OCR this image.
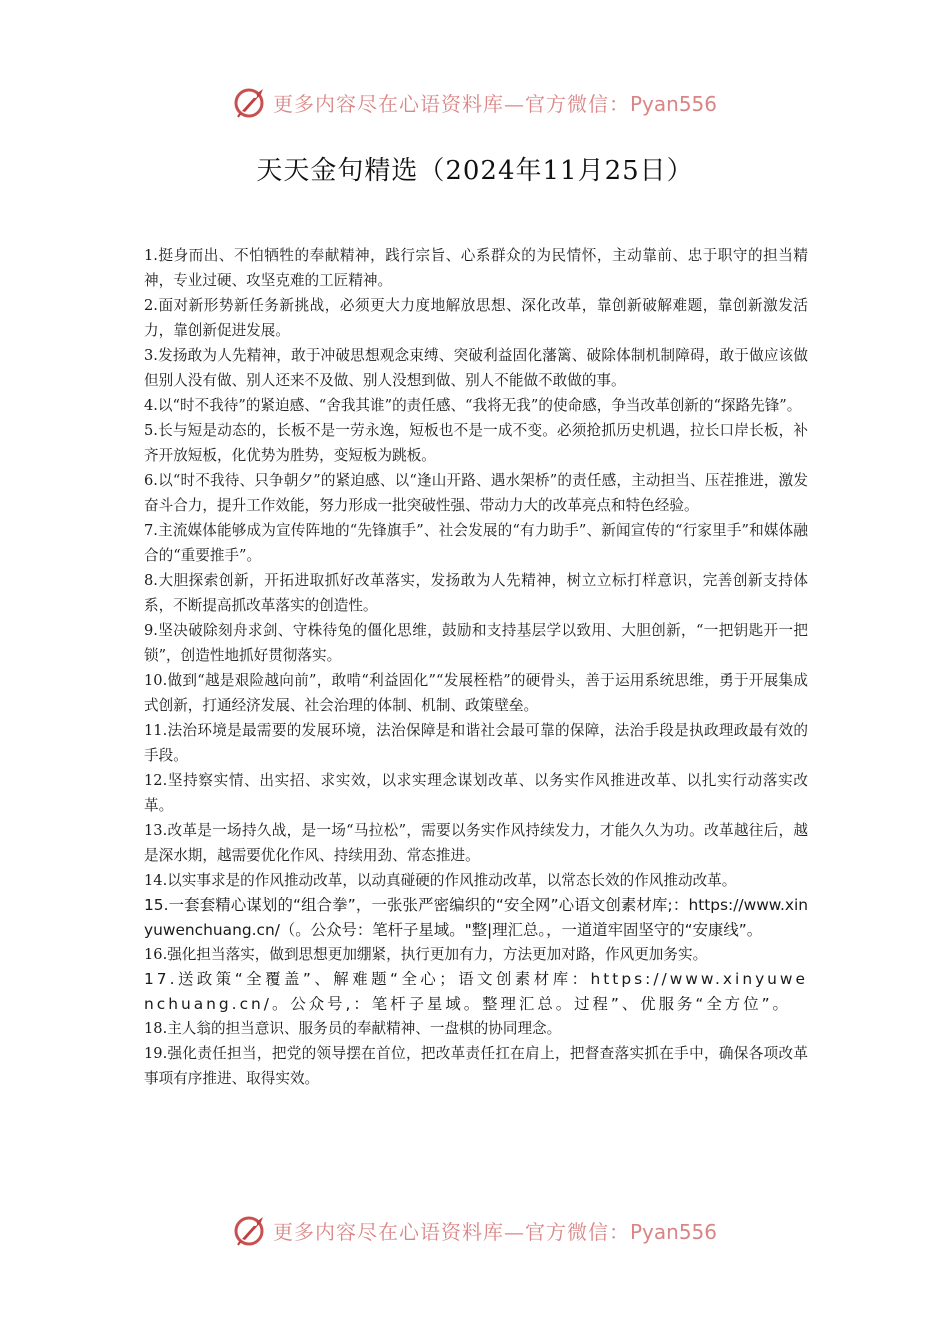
更多内容尽在心语资料库—官方微信：Pyan556
天天金句精选（2024年11月25日）

1.挺身而出、不怕牺牲的奉献精神，践行宗旨、心系群众的为民情怀，主动靠前、忠于职守的担当精神，专业过硬、攻坚克难的工匠精神。

2.面对新形势新任务新挑战，必须更大力度地解放思想、深化改革，靠创新破解难题，靠创新激发活力，靠创新促进发展。

3.发扬敢为人先精神，敢于冲破思想观念束缚、突破利益固化藩篱、破除体制机制障碍，敢于做应该做但别人没有做、别人还来不及做、别人没想到做、别人不能做不敢做的事。

4.以“时不我待”的紧迫感、“舍我其谁”的责任感、“我将无我”的使命感，争当改革创新的“探路先锋”。

5.长与短是动态的，长板不是一劳永逸，短板也不是一成不变。必须抢抓历史机遇，拉长口岸长板，补齐开放短板，化优势为胜势，变短板为跳板。

6.以“时不我待、只争朝夕”的紧迫感、以“逢山开路、遇水架桥”的责任感，主动担当、压茬推进，激发奋斗合力，提升工作效能，努力形成一批突破性强、带动力大的改革亮点和特色经验。

7.主流媒体能够成为宣传阵地的“先锋旗手”、社会发展的“有力助手”、新闻宣传的“行家里手”和媒体融合的“重要推手”。

8.大胆探索创新，开拓进取抓好改革落实，发扬敢为人先精神，树立立标打样意识，完善创新支持体系，不断提高抓改革落实的创造性。

9.坚决破除刻舟求剑、守株待兔的僵化思维，鼓励和支持基层学以致用、大胆创新，“一把钥匙开一把锁”，创造性地抓好贯彻落实。

10.做到“越是艰险越向前”，敢啃“利益固化”“发展桎梏”的硬骨头，善于运用系统思维，勇于开展集成式创新，打通经济发展、社会治理的体制、机制、政策壁垒。

11.法治环境是最需要的发展环境，法治保障是和谐社会最可靠的保障，法治手段是执政理政最有效的手段。

12.坚持察实情、出实招、求实效，以求实理念谋划改革、以务实作风推进改革、以扎实行动落实改革。

13.改革是一场持久战，是一场“马拉松”，需要以务实作风持续发力，才能久久为功。改革越往后，越是深水期，越需要优化作风、持续用劲、常态推进。

14.以实事求是的作风推动改革，以动真碰硬的作风推动改革，以常态长效的作风推动改革。

15.一套套精心谋划的“组合拳”，一张张严密编织的“安全网”心语文创素材库;：https://www.xinyuwenchuang.cn/（。公众号：笔杆子星域。"整|理汇总。，一道道牢固坚守的“安康线”。

16.强化担当落实，做到思想更加绷紧，执行更加有力，方法更加对路，作风更加务实。

17.送政策“全覆盖”、解难题“全心；语文创素材库：https://www.xinyuwenchuang.cn/。公众号,：笔杆子星域。整理汇总。过程”、优服务“全方位”。

18.主人翁的担当意识、服务员的奉献精神、一盘棋的协同理念。

19.强化责任担当，把党的领导摆在首位，把改革责任扛在肩上，把督查落实抓在手中，确保各项改革事项有序推进、取得实效。

更多内容尽在心语资料库—官方微信：Pyan556
